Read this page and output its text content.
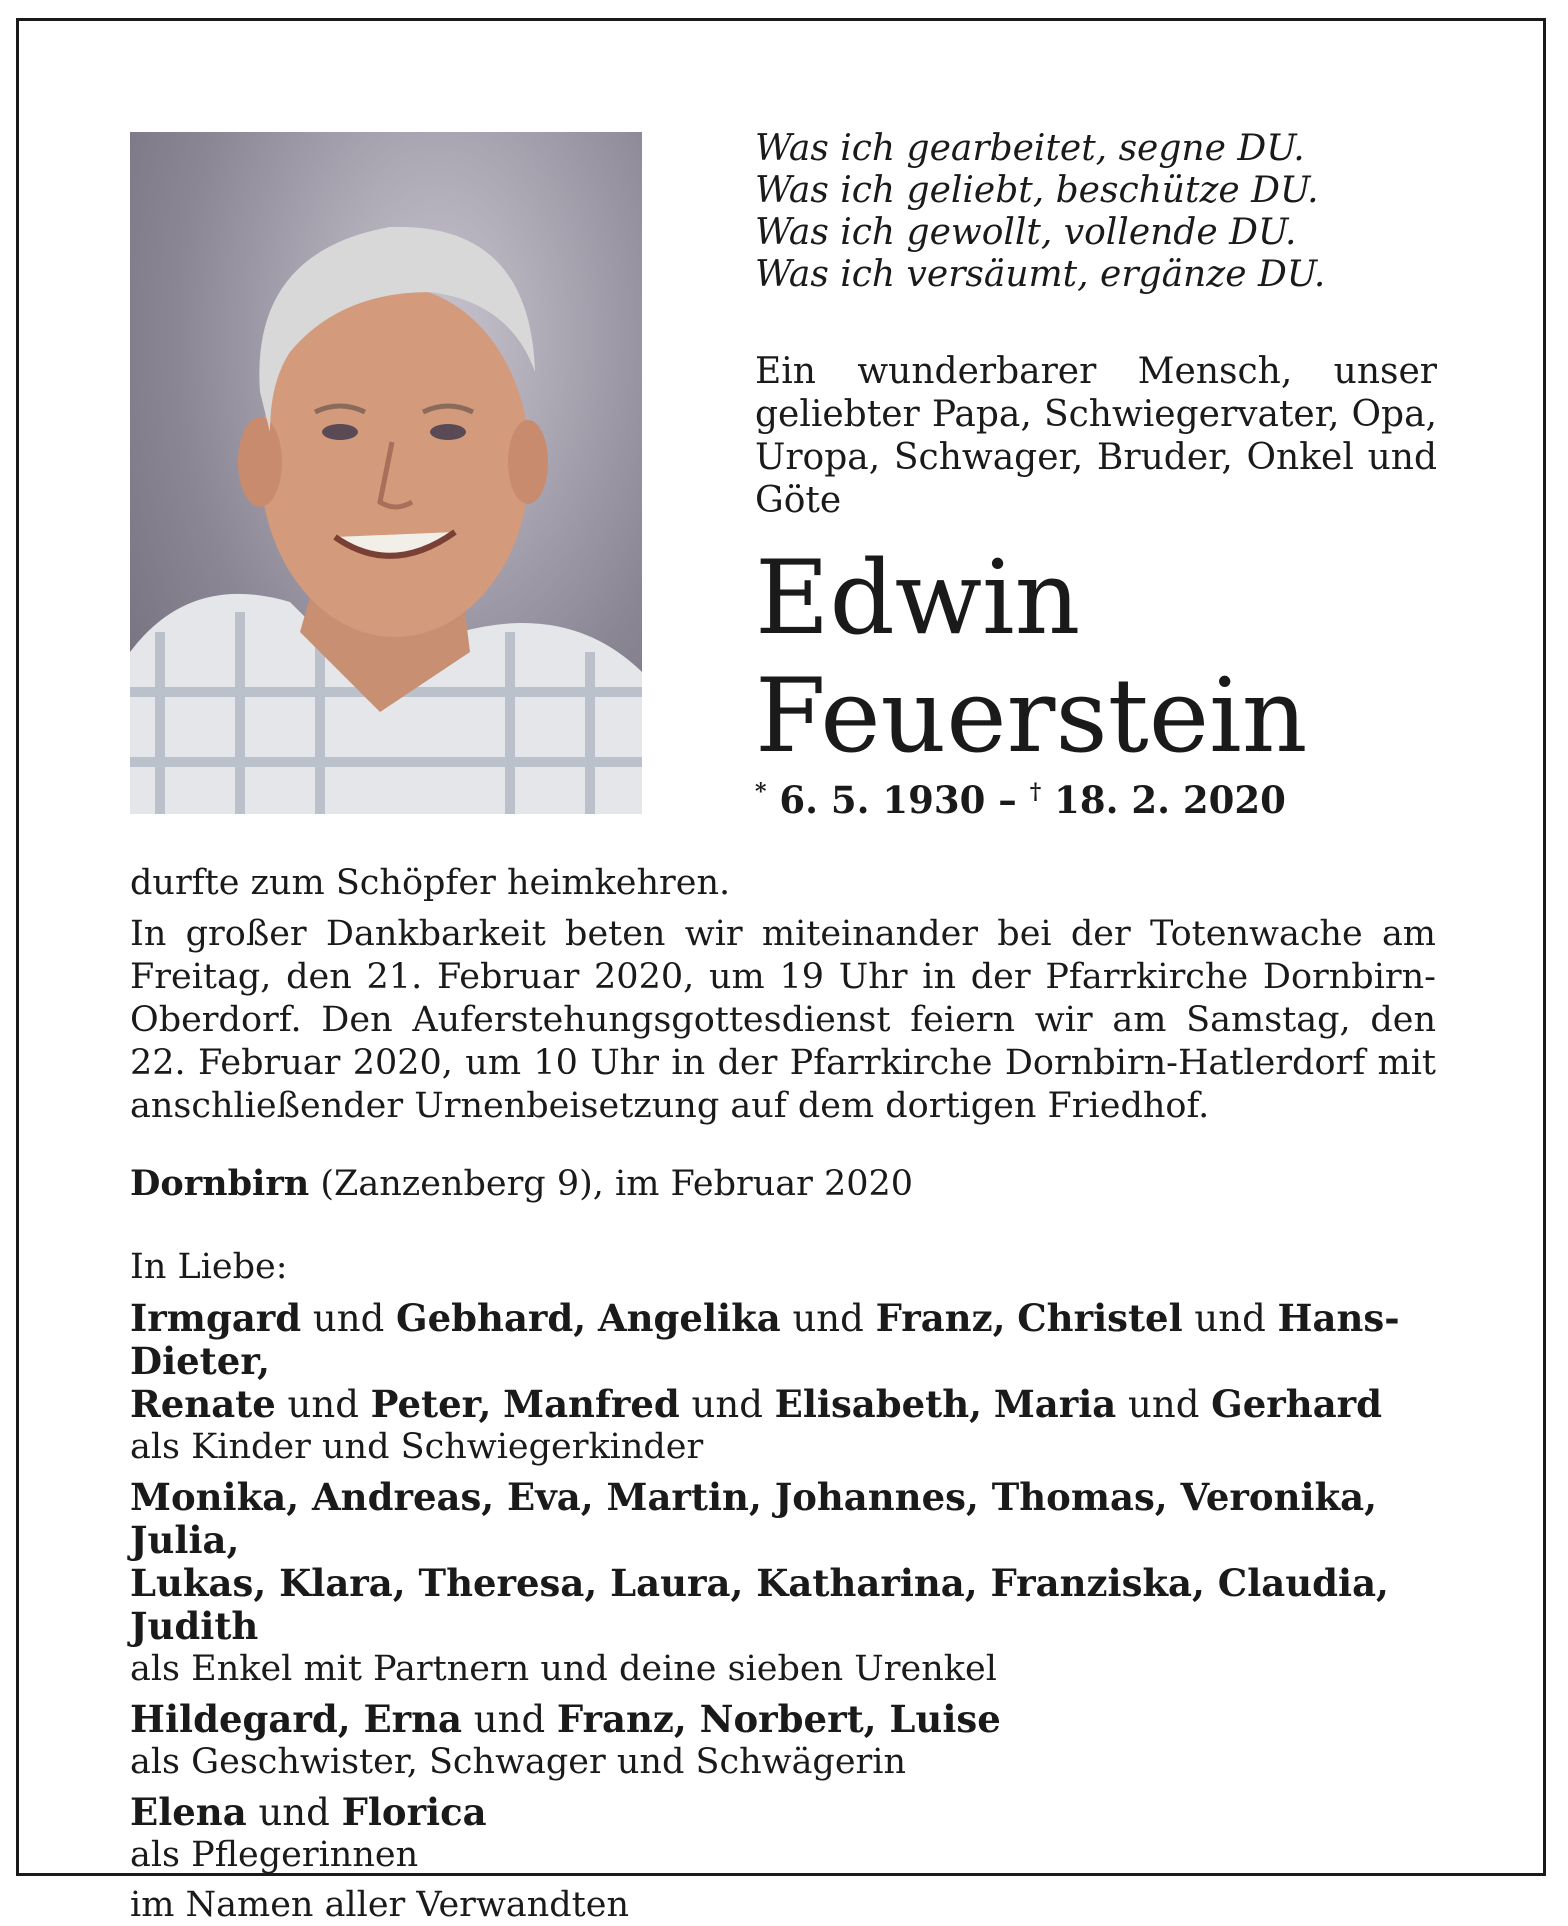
Was ich gearbeitet, segne DU.
Was ich geliebt, beschütze DU.
Was ich gewollt, vollende DU.
Was ich versäumt, ergänze DU.
Ein wunderbarer Mensch, unser geliebter Papa, Schwiegervater, Opa, Uropa, Schwager, Bruder, Onkel und Göte
Edwin
Feuerstein
* 6. 5. 1930 – † 18. 2. 2020

durfte zum Schöpfer heimkehren.

In großer Dankbarkeit beten wir miteinander bei der Totenwache am Freitag, den 21. Februar 2020, um 19 Uhr in der Pfarrkirche Dornbirn-Oberdorf. Den Auferstehungsgottesdienst feiern wir am Samstag, den 22. Februar 2020, um 10 Uhr in der Pfarrkirche Dornbirn-Hatlerdorf mit anschließender Urnenbeisetzung auf dem dortigen Friedhof.

Dornbirn (Zanzenberg 9), im Februar 2020

In Liebe:

Irmgard und Gebhard, Angelika und Franz, Christel und Hans-Dieter,

Renate und Peter, Manfred und Elisabeth, Maria und Gerhard

als Kinder und Schwiegerkinder

Monika, Andreas, Eva, Martin, Johannes, Thomas, Veronika, Julia,

Lukas, Klara, Theresa, Laura, Katharina, Franziska, Claudia, Judith

als Enkel mit Partnern und deine sieben Urenkel

Hildegard, Erna und Franz, Norbert, Luise

als Geschwister, Schwager und Schwägerin

Elena und Florica

als Pflegerinnen

im Namen aller Verwandten
